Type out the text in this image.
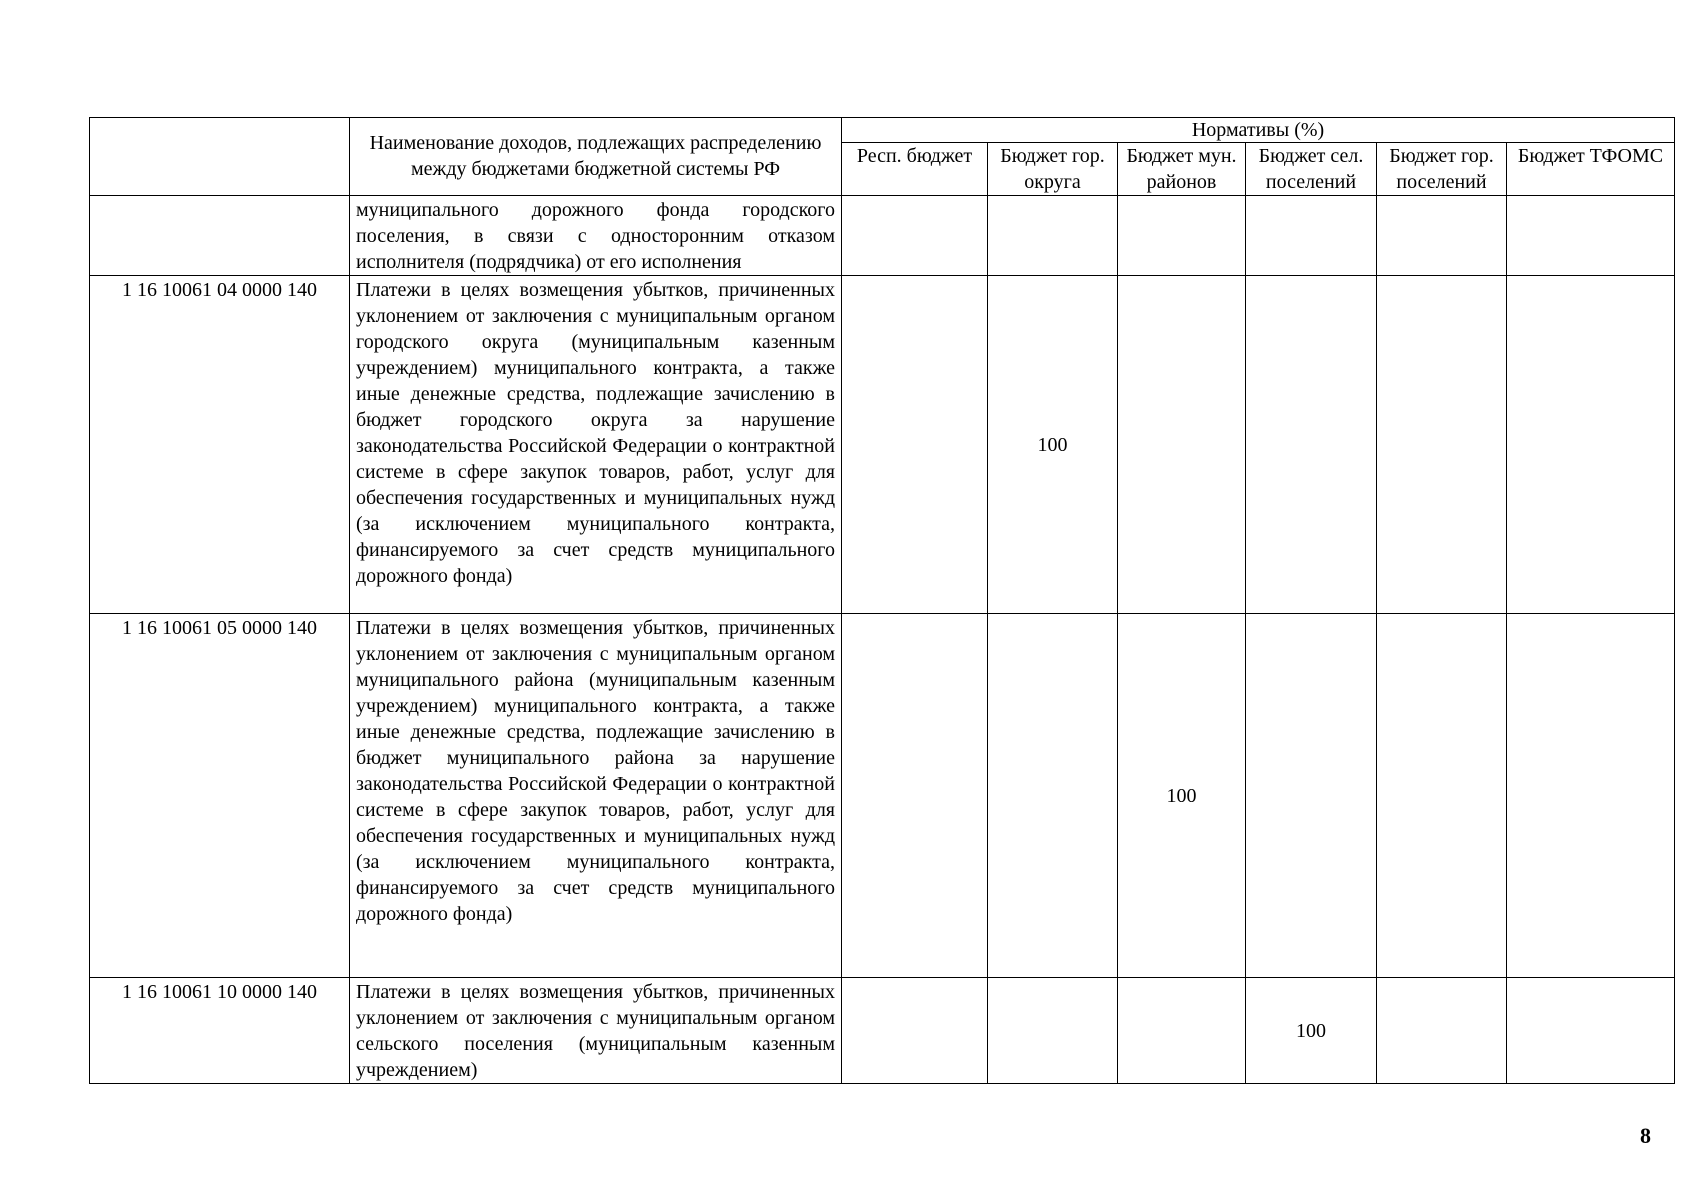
	Наименование доходов, подлежащих распределению между бюджетами бюджетной системы РФ	Нормативы (%)					
		Респ. бюджет	Бюджет гор. округа	Бюджет мун. районов	Бюджет сел. поселений	Бюджет гор. поселений	Бюджет ТФОМС
	муниципального дорожного фонда городского поселения, в связи с односторонним отказом исполнителя (подрядчика) от его исполнения						
1 16 10061 04 0000 140	Платежи в целях возмещения убытков, причиненных уклонением от заключения с муниципальным органом городского округа (муниципальным казенным учреждением) муниципального контракта, а также иные денежные средства, подлежащие зачислению в бюджет городского округа за нарушение законодательства Российской Федерации о контрактной системе в сфере закупок товаров, работ, услуг для обеспечения государственных и муниципальных нужд (за исключением муниципального контракта, финансируемого за счет средств муниципального дорожного фонда)		100				
1 16 10061 05 0000 140	Платежи в целях возмещения убытков, причиненных уклонением от заключения с муниципальным органом муниципального района (муниципальным казенным учреждением) муниципального контракта, а также иные денежные средства, подлежащие зачислению в бюджет муниципального района за нарушение законодательства Российской Федерации о контрактной системе в сфере закупок товаров, работ, услуг для обеспечения государственных и муниципальных нужд (за исключением муниципального контракта, финансируемого за счет средств муниципального дорожного фонда)			100			
1 16 10061 10 0000 140	Платежи в целях возмещения убытков, причиненных уклонением от заключения с муниципальным органом сельского поселения (муниципальным казенным учреждением)				100		
8
